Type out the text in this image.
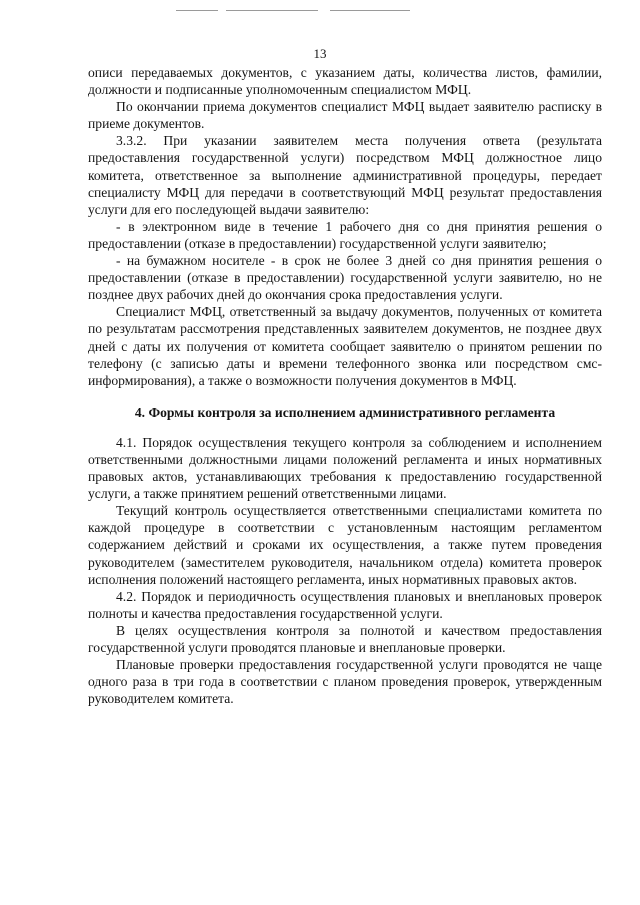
13

описи передаваемых документов, с указанием даты, количества листов, фамилии, должности и подписанные уполномоченным специалистом МФЦ.

По окончании приема документов специалист МФЦ выдает заявителю расписку в приеме документов.

3.3.2. При указании заявителем места получения ответа (результата предоставления государственной услуги) посредством МФЦ должностное лицо комитета, ответственное за выполнение административной процедуры, передает специалисту МФЦ для передачи в соответствующий МФЦ результат предоставления услуги для его последующей выдачи заявителю:

- в электронном виде в течение 1 рабочего дня со дня принятия решения о предоставлении (отказе в предоставлении) государственной услуги заявителю;

- на бумажном носителе - в срок не более 3 дней со дня принятия решения о предоставлении (отказе в предоставлении) государственной услуги заявителю, но не позднее двух рабочих дней до окончания срока предоставления услуги.

Специалист МФЦ, ответственный за выдачу документов, полученных от комитета по результатам рассмотрения представленных заявителем документов, не позднее двух дней с даты их получения от комитета сообщает заявителю о принятом решении по телефону (с записью даты и времени телефонного звонка или посредством смс-информирования), а также о возможности получения документов в МФЦ.

4. Формы контроля за исполнением административного регламента

4.1. Порядок осуществления текущего контроля за соблюдением и исполнением ответственными должностными лицами положений регламента и иных нормативных правовых актов, устанавливающих требования к предоставлению государственной услуги, а также принятием решений ответственными лицами.

Текущий контроль осуществляется ответственными специалистами комитета по каждой процедуре в соответствии с установленным настоящим регламентом содержанием действий и сроками их осуществления, а также путем проведения руководителем (заместителем руководителя, начальником отдела) комитета проверок исполнения положений настоящего регламента, иных нормативных правовых актов.

4.2. Порядок и периодичность осуществления плановых и внеплановых проверок полноты и качества предоставления государственной услуги.

В целях осуществления контроля за полнотой и качеством предоставления государственной услуги проводятся плановые и внеплановые проверки.

Плановые проверки предоставления государственной услуги проводятся не чаще одного раза в три года в соответствии с планом проведения проверок, утвержденным руководителем комитета.
